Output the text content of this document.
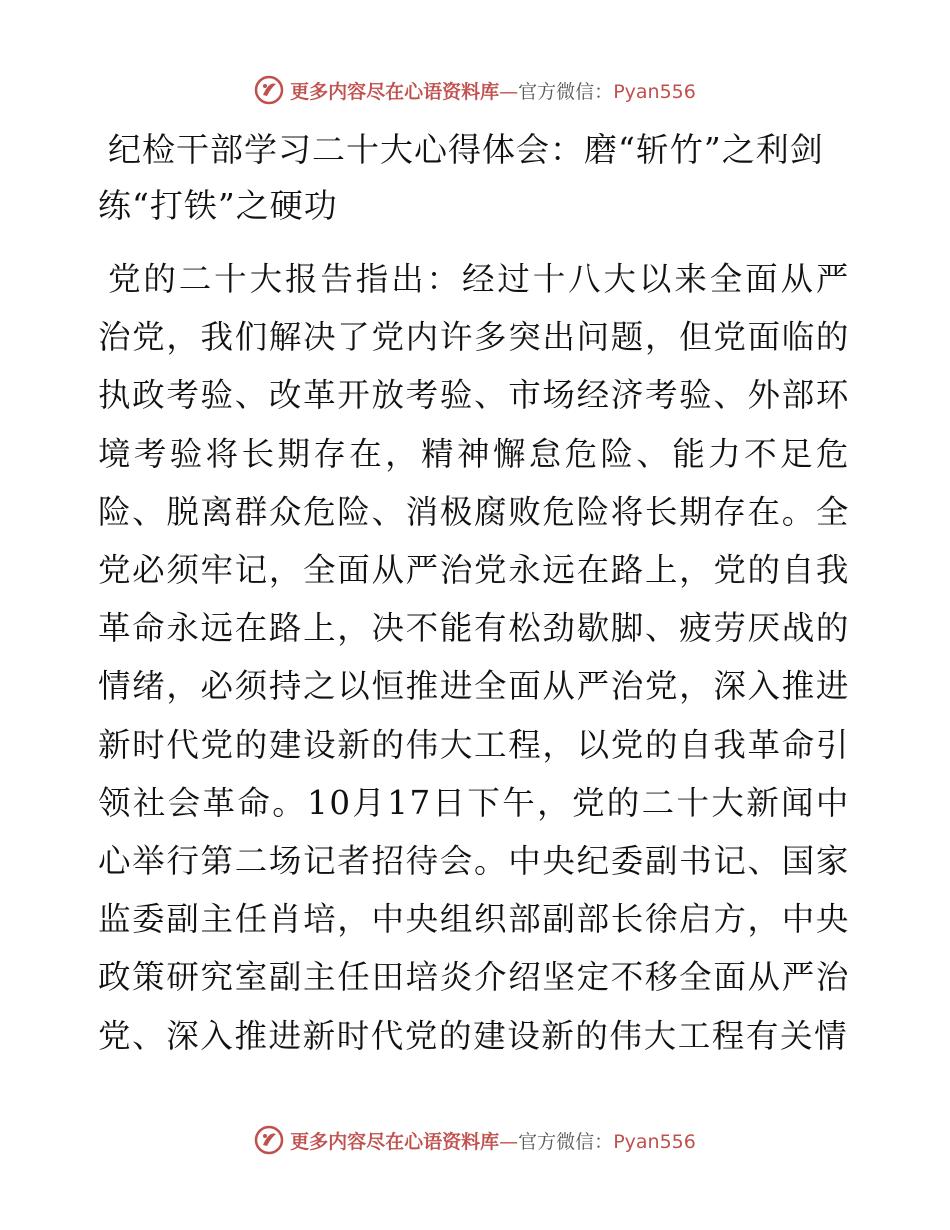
更多内容尽在心语资料库—官方微信：Pyan556
纪检干部学习二十大心得体会：磨“斩竹”之利剑练“打铁”之硬功
党的二十大报告指出：经过十八大以来全面从严治党，我们解决了党内许多突出问题，但党面临的执政考验、改革开放考验、市场经济考验、外部环境考验将长期存在，精神懈怠危险、能力不足危险、脱离群众危险、消极腐败危险将长期存在。全党必须牢记，全面从严治党永远在路上，党的自我革命永远在路上，决不能有松劲歇脚、疲劳厌战的情绪，必须持之以恒推进全面从严治党，深入推进新时代党的建设新的伟大工程，以党的自我革命引领社会革命。10月17日下午，党的二十大新闻中心举行第二场记者招待会。中央纪委副书记、国家监委副主任肖培，中央组织部副部长徐启方，中央政策研究室副主任田培炎介绍坚定不移全面从严治党、深入推进新时代党的建设新的伟大工程有关情
更多内容尽在心语资料库—官方微信：Pyan556
